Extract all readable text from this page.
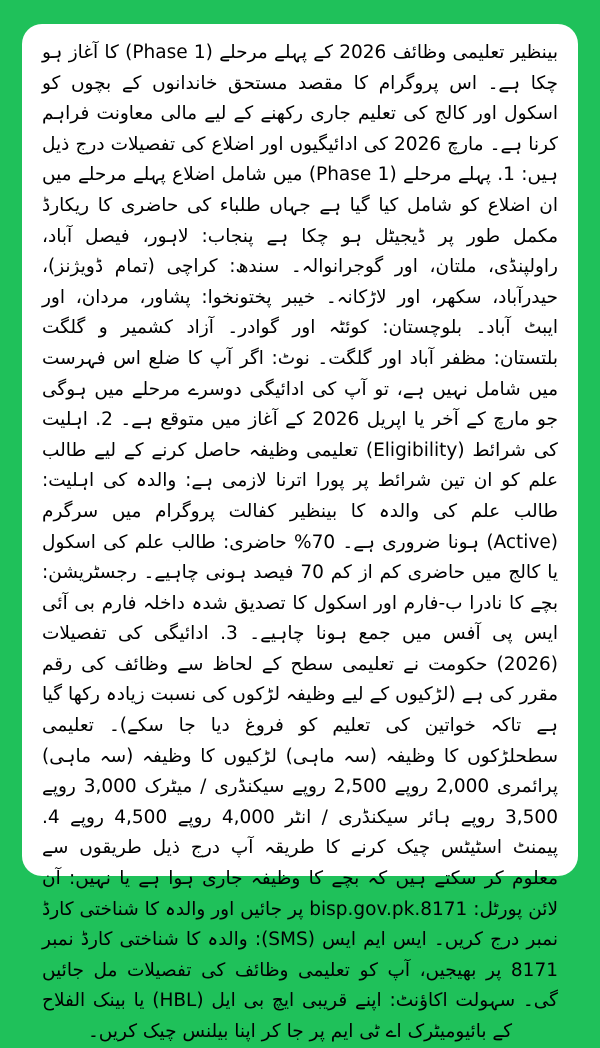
بینظیر تعلیمی وظائف 2026 کے پہلے مرحلے (Phase 1) کا آغاز ہو چکا ہے۔ اس پروگرام کا مقصد مستحق خاندانوں کے بچوں کو اسکول اور کالج کی تعلیم جاری رکھنے کے لیے مالی معاونت فراہم کرنا ہے۔ مارچ 2026 کی ادائیگیوں اور اضلاع کی تفصیلات درج ذیل ہیں: 1. پہلے مرحلے (Phase 1) میں شامل اضلاع پہلے مرحلے میں ان اضلاع کو شامل کیا گیا ہے جہاں طلباء کی حاضری کا ریکارڈ مکمل طور پر ڈیجیٹل ہو چکا ہے پنجاب: لاہور، فیصل آباد، راولپنڈی، ملتان، اور گوجرانوالہ۔ سندھ: کراچی (تمام ڈویژنز)، حیدرآباد، سکھر، اور لاڑکانہ۔ خیبر پختونخوا: پشاور، مردان، اور ایبٹ آباد۔ بلوچستان: کوئٹہ اور گوادر۔ آزاد کشمیر و گلگت بلتستان: مظفر آباد اور گلگت۔ نوٹ: اگر آپ کا ضلع اس فہرست میں شامل نہیں ہے، تو آپ کی ادائیگی دوسرے مرحلے میں ہوگی جو مارچ کے آخر یا اپریل 2026 کے آغاز میں متوقع ہے۔ 2. اہلیت کی شرائط (Eligibility) تعلیمی وظیفہ حاصل کرنے کے لیے طالب علم کو ان تین شرائط پر پورا اترنا لازمی ہے: والدہ کی اہلیت: طالب علم کی والدہ کا بینظیر کفالت پروگرام میں سرگرم (Active) ہونا ضروری ہے۔ 70% حاضری: طالب علم کی اسکول یا کالج میں حاضری کم از کم 70 فیصد ہونی چاہیے۔ رجسٹریشن: بچے کا نادرا ب-فارم اور اسکول کا تصدیق شدہ داخلہ فارم بی آئی ایس پی آفس میں جمع ہونا چاہیے۔ 3. ادائیگی کی تفصیلات (2026) حکومت نے تعلیمی سطح کے لحاظ سے وظائف کی رقم مقرر کی ہے (لڑکیوں کے لیے وظیفہ لڑکوں کی نسبت زیادہ رکھا گیا ہے تاکہ خواتین کی تعلیم کو فروغ دیا جا سکے)۔ تعلیمی سطحلڑکوں کا وظیفہ (سہ ماہی) لڑکیوں کا وظیفہ (سہ ماہی) پرائمری 2,000 روپے 2,500 روپے سیکنڈری / میٹرک 3,000 روپے 3,500 روپے ہائر سیکنڈری / انٹر 4,000 روپے 4,500 روپے 4. پیمنٹ اسٹیٹس چیک کرنے کا طریقہ آپ درج ذیل طریقوں سے معلوم کر سکتے ہیں کہ بچے کا وظیفہ جاری ہوا ہے یا نہیں: آن لائن پورٹل: bisp.gov.pk.8171 پر جائیں اور والدہ کا شناختی کارڈ نمبر درج کریں۔ ایس ایم ایس (SMS): والدہ کا شناختی کارڈ نمبر 8171 پر بھیجیں، آپ کو تعلیمی وظائف کی تفصیلات مل جائیں گی۔ سہولت اکاؤنٹ: اپنے قریبی ایچ بی ایل (HBL) یا بینک الفلاح کے بائیومیٹرک اے ٹی ایم پر جا کر اپنا بیلنس چیک کریں۔
